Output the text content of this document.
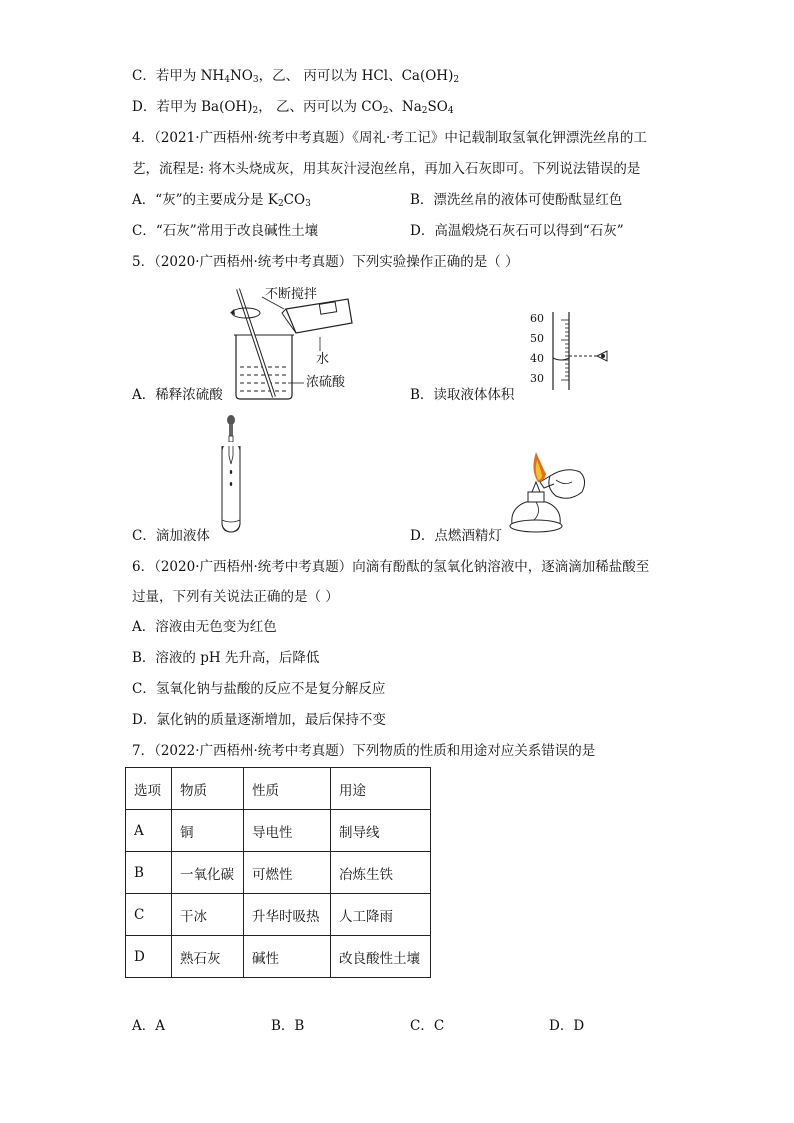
C．若甲为 $NH_4NO_3$，乙、 丙可以为 HCl、$Ca(OH)_2$
D．若甲为 $Ba(OH)_2$， 乙、丙可以为 $CO_2$、$Na_2SO_4$
4．（2021·广西梧州·统考中考真题）《周礼·考工记》中记载制取氢氧化钾漂洗丝帛的工
艺，流程是: 将木头烧成灰，用其灰汁浸泡丝帛，再加入石灰即可。下列说法错误的是
A．“灰”的主要成分是 $K_2CO_3$	B．漂洗丝帛的液体可使酚酞显红色
C．“石灰”常用于改良碱性土壤	D．高温煅烧石灰石可以得到“石灰”
5．（2020·广西梧州·统考中考真题）下列实验操作正确的是（ ）
不断搅拌
水
浓硫酸
60
50
40
30
A．稀释浓硫酸	B．读取液体体积
C．滴加液体	D．点燃酒精灯
6．（2020·广西梧州·统考中考真题）向滴有酚酞的氢氧化钠溶液中，逐滴滴加稀盐酸至
过量，下列有关说法正确的是（ ）
A．溶液由无色变为红色
B．溶液的 pH 先升高，后降低
C．氢氧化钠与盐酸的反应不是复分解反应
D．氯化钠的质量逐渐增加，最后保持不变
7．（2022·广西梧州·统考中考真题）下列物质的性质和用途对应关系错误的是
选项	物质	性质	用途
A	铜	导电性	制导线
B	一氧化碳	可燃性	冶炼生铁
C	干冰	升华时吸热	人工降雨
D	熟石灰	碱性	改良酸性土壤
A．A	B．B	C．C	D．D
